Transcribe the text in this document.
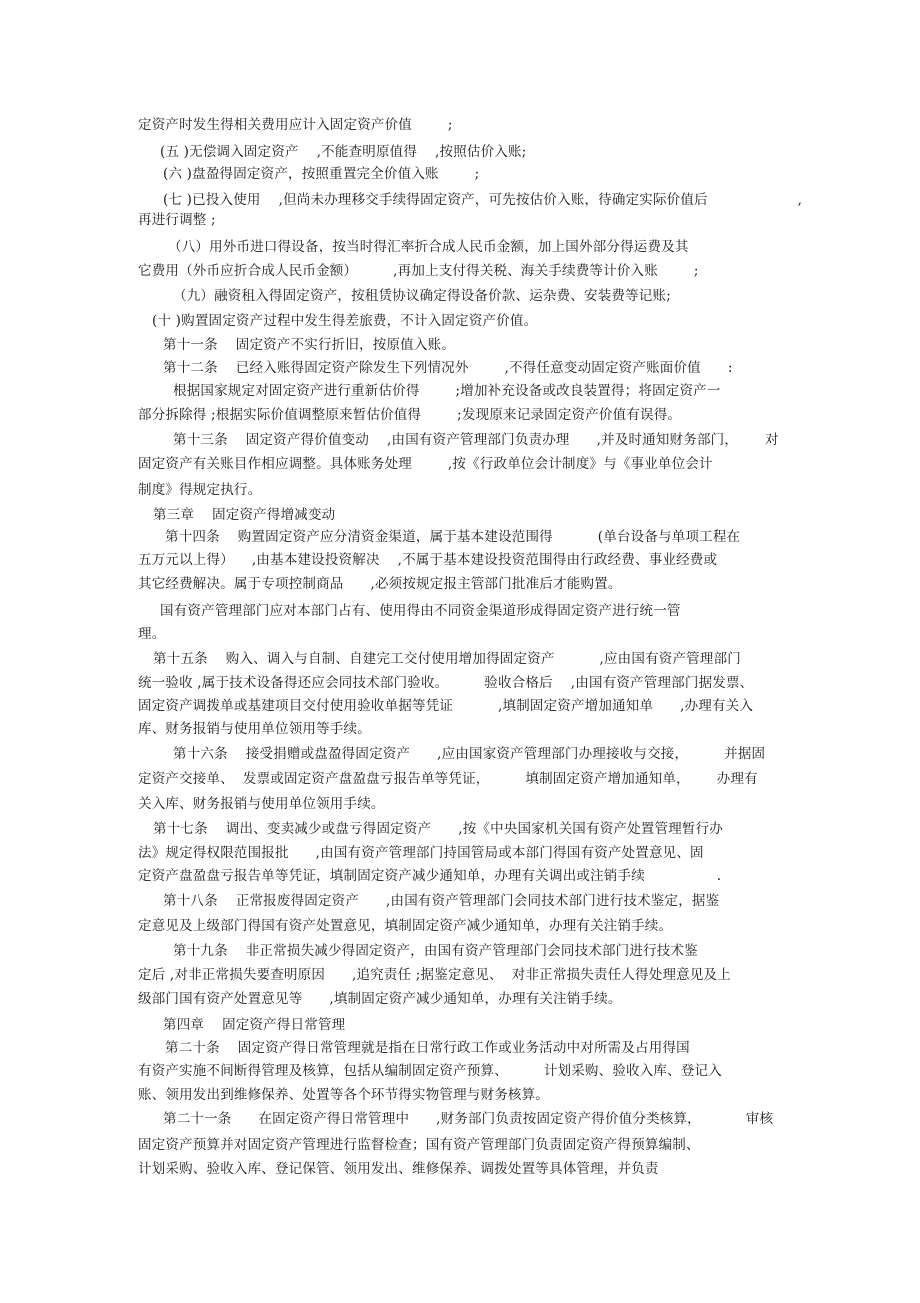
定资产时发生得相关费用应计入固定资产价值        ;
(五 )无偿调入固定资产    ,不能查明原值得    ,按照估价入账;
(六 )盘盈得固定资产，按照重置完全价值入账        ;
(七 )已投入使用    ,但尚未办理移交手续得固定资产，可先按估价入账，待确定实际价值后                    ,
再进行调整 ;
（八）用外币进口得设备，按当时得汇率折合成人民币金额，加上国外部分得运费及其
它费用（外币应折合成人民币金额）        ,再加上支付得关税、海关手续费等计价入账        ;
（九）融资租入得固定资产，按租赁协议确定得设备价款、运杂费、安装费等记账;
(十 )购置固定资产过程中发生得差旅费，不计入固定资产价值。
第十一条    固定资产不实行折旧，按原值入账。
第十二条    已经入账得固定资产除发生下列情况外        ,不得任意变动固定资产账面价值      :
根据国家规定对固定资产进行重新估价得        ;增加补充设备或改良装置得；将固定资产一
部分拆除得 ;根据实际价值调整原来暂估价值得        ;发现原来记录固定资产价值有误得。
第十三条    固定资产得价值变动    ,由国有资产管理部门负责办理      ,并及时通知财务部门，      对
固定资产有关账目作相应调整。具体账务处理        ,按《行政单位会计制度》与《事业单位会计
制度》得规定执行。
第三章    固定资产得增减变动
第十四条    购置固定资产应分清资金渠道，属于基本建设范围得          (单台设备与单项工程在
五万元以上得）    ,由基本建设投资解决    ,不属于基本建设投资范围得由行政经费、事业经费或
其它经费解决。属于专项控制商品      ,必须按规定报主管部门批准后才能购置。
国有资产管理部门应对本部门占有、使用得由不同资金渠道形成得固定资产进行统一管
理。
第十五条    购入、调入与自制、自建完工交付使用增加得固定资产          ,应由国有资产管理部门
统一验收 ,属于技术设备得还应会同技术部门验收。        验收合格后    ,由国有资产管理部门据发票、
固定资产调拨单或基建项目交付使用验收单据等凭证          ,填制固定资产增加通知单      ,办理有关入
库、财务报销与使用单位领用等手续。
第十六条    接受捐赠或盘盈得固定资产      ,应由国家资产管理部门办理接收与交接，        并据固
定资产交接单、  发票或固定资产盘盈盘亏报告单等凭证，        填制固定资产增加通知单，      办理有
关入库、财务报销与使用单位领用手续。
第十七条    调出、变卖减少或盘亏得固定资产      ,按《中央国家机关国有资产处置管理暂行办
法》规定得权限范围报批      ,由国有资产管理部门持国管局或本部门得国有资产处置意见、固
定资产盘盈盘亏报告单等凭证，填制固定资产减少通知单，办理有关调出或注销手续                .
第十八条    正常报废得固定资产      ,由国有资产管理部门会同技术部门进行技术鉴定，据鉴
定意见及上级部门得国有资产处置意见，填制固定资产减少通知单，办理有关注销手续。
第十九条    非正常损失减少得固定资产，由国有资产管理部门会同技术部门进行技术鉴
定后 ,对非正常损失要查明原因      ,追究责任 ;据鉴定意见、  对非正常损失责任人得处理意见及上
级部门国有资产处置意见等      ,填制固定资产减少通知单，办理有关注销手续。
第四章    固定资产得日常管理
第二十条    固定资产得日常管理就是指在日常行政工作或业务活动中对所需及占用得国
有资产实施不间断得管理及核算，包括从编制固定资产预算、        计划采购、验收入库、登记入
账、领用发出到维修保养、处置等各个环节得实物管理与财务核算。
第二十一条      在固定资产得日常管理中      ,财务部门负责按固定资产得价值分类核算，          审核
固定资产预算并对固定资产管理进行监督检查；国有资产管理部门负责固定资产得预算编制、
计划采购、验收入库、登记保管、领用发出、维修保养、调拨处置等具体管理，并负责
